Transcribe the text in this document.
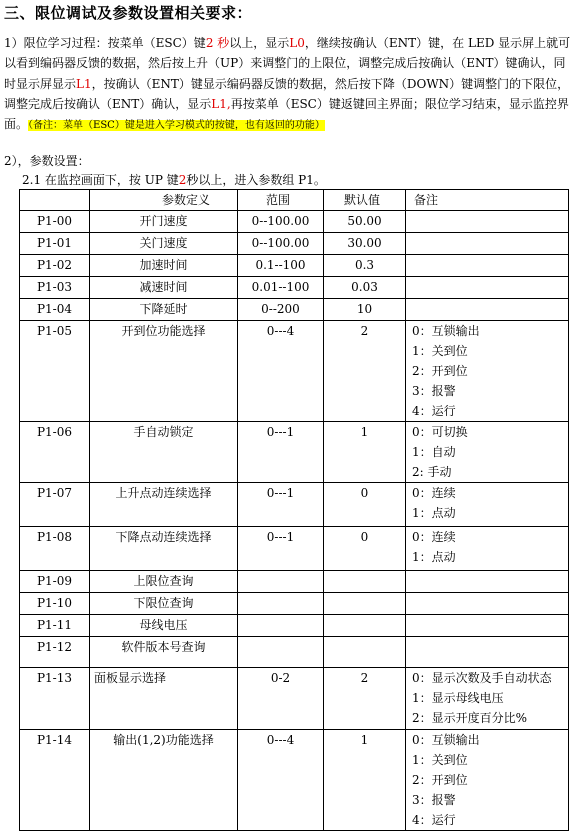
三、限位调试及参数设置相关要求：
1）限位学习过程：按菜单（ESC）键2 秒以上，显示L0，继续按确认（ENT）键，在 LED 显示屏上就可以看到编码器反馈的数据，然后按上升（UP）来调整门的上限位，调整完成后按确认（ENT）键确认，同时显示屏显示L1，按确认（ENT）键显示编码器反馈的数据，然后按下降（DOWN）键调整门的下限位，调整完成后按确认（ENT）确认，显示L1,再按菜单（ESC）键返键回主界面；限位学习结束，显示监控界面。（备注：菜单（ESC）键是进入学习模式的按键，也有返回的功能）
2），参数设置：
2.1 在监控画面下，按 UP 键2秒以上，进入参数组 P1。
	参数定义	范围	默认值	备注
P1-00	开门速度	0--100.00	50.00	
P1-01	关门速度	0--100.00	30.00	
P1-02	加速时间	0.1--100	0.3	
P1-03	减速时间	0.01--100	0.03	
P1-04	下降延时	0--200	10	
P1-05	开到位功能选择	0---4	2	0：互锁输出
1：关到位
2：开到位
3：报警
4：运行

P1-06	手自动锁定	0---1	1	0：可切换
1：自动
2: 手动

P1-07	上升点动连续选择	0---1	0	0：连续
1：点动

P1-08	下降点动连续选择	0---1	0	0：连续
1：点动

P1-09	上限位查询			
P1-10	下限位查询			
P1-11	母线电压			
P1-12	软件版本号查询			
P1-13	面板显示选择	0-2	2	0：显示次数及手自动状态
1：显示母线电压
2：显示开度百分比%

P1-14	输出(1,2)功能选择	0---4	1	0：互锁输出
1：关到位
2：开到位
3：报警
4：运行
